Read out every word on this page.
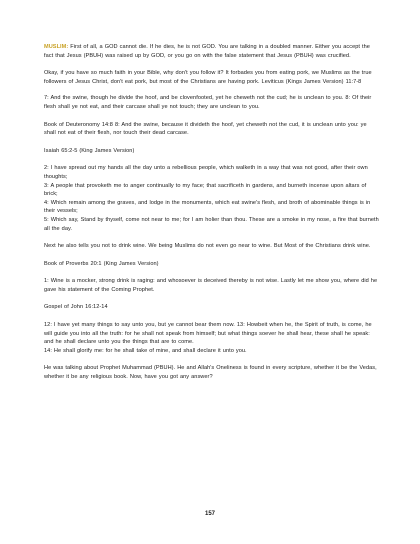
MUSLIM: First of all, a GOD cannot die. If he dies, he is not GOD. You are talking in a doubled manner. Either you accept the fact that Jesus (PBUH) was raised up by GOD, or you go on with the false statement that Jesus (PBUH) was crucified.

Okay, if you have so much faith in your Bible, why don't you follow it? It forbades you from eating pork, we Muslims as the true followers of Jesus Christ, don't eat pork, but most of the Christians are having pork. Leviticus (Kings James Version) 11:7-8

7: And the swine, though he divide the hoof, and be clovenfooted, yet he cheweth not the cud; he is unclean to you. 8: Of their flesh shall ye not eat, and their carcase shall ye not touch; they are unclean to you.

Book of Deuteronomy 14:8 8: And the swine, because it divideth the hoof, yet cheweth not the cud, it is unclean unto you: ye shall not eat of their flesh, nor touch their dead carcase.

Isaiah 65:2-5 (King James Version)

2: I have spread out my hands all the day unto a rebellious people, which walketh in a way that was not good, after their own thoughts;
3: A people that provoketh me to anger continually to my face; that sacrificeth in gardens, and burneth incense upon altars of brick;
4: Which remain among the graves, and lodge in the monuments, which eat swine's flesh, and broth of abominable things is in their vessels;
5: Which say, Stand by thyself, come not near to me; for I am holier than thou. These are a smoke in my nose, a fire that burneth all the day.

Next he also tells you not to drink wine. We being Muslims do not even go near to wine. But Most of the Christians drink wine.

Book of Proverbs 20:1 (King James Version)

1: Wine is a mocker, strong drink is raging: and whosoever is deceived thereby is not wise. Lastly let me show you, where did he gave his statement of the Coming Prophet.

Gospel of John 16:12-14

12: I have yet many things to say unto you, but ye cannot bear them now. 13: Howbeit when he, the Spirit of truth, is come, he will guide you into all the truth: for he shall not speak from himself; but what things soever he shall hear, these shall he speak: and he shall declare unto you the things that are to come.
14: He shall glorify me: for he shall take of mine, and shall declare it unto you.

He was talking about Prophet Muhammad (PBUH). He and Allah's Oneliness is found in every scripture, whether it be the Vedas, whether it be any religious book. Now, have you got any answer?

157
